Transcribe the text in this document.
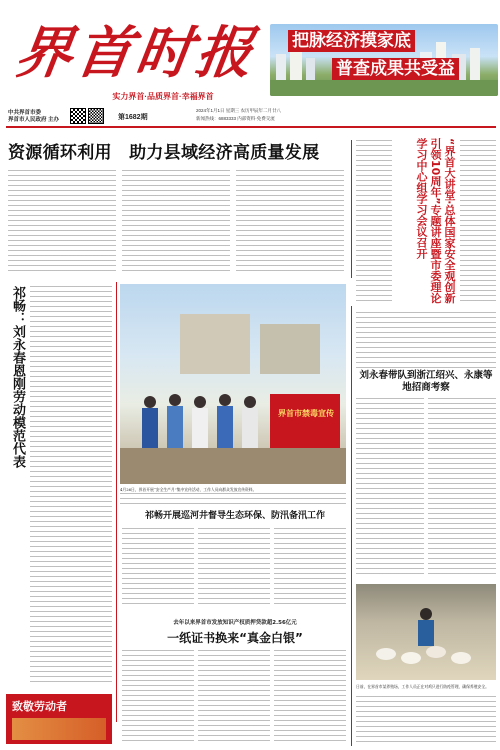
界首时报
实力界首·品质界首·幸福界首
把脉经济摸家底
普查成果共受益
中共界首市委
界首市人民政府 主办	第1682期
2024年1月1日 星期三 农历甲辰年二月廿八
新闻热线：6883333 内部资料·免费交流
资源循环利用　助力县域经济高质量发展	“界首大讲堂·总体国家安全观创新引领10周年”专题讲座暨市委理论学习中心组学习会议召开
祁畅：刘永春恩刚劳动模范代表	界首市禁毒宣传
4月26日，界首开展“安全生产月”集中宣传活动，工作人员向群众发放宣传资料。
祁畅开展巡河井督导生态环保、防汛备汛工作
去年以来界首市发放知识产权质押贷款超2.56亿元
一纸证书换来“真金白银”
刘永春带队到浙江绍兴、永康等地招商考察
日前，在界首市某养殖场，工作人员正在对鸡只进行防疫管理，确保养殖安全。
致敬劳动者
